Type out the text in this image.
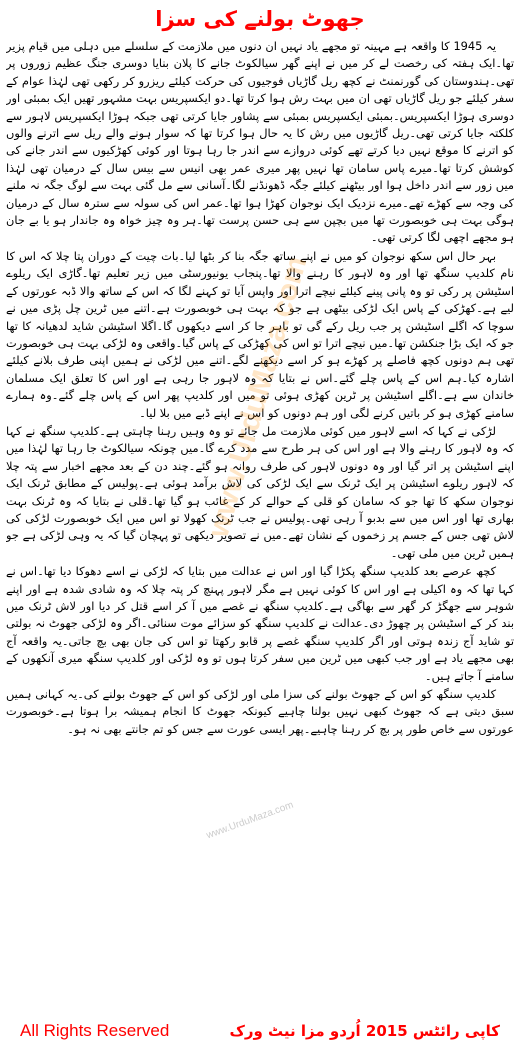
جھوٹ بولنے کی سزا

یہ 1945 کا واقعہ ہے مہینہ تو مجھے یاد نہیں ان دنوں میں ملازمت کے سلسلے میں دہلی میں قیام پزیر تھا۔ایک ہفتہ کی رخصت لے کر میں نے اپنے گھر سیالکوٹ جانے کا پلان بنایا دوسری جنگ عظیم زوروں پر تھی۔ہندوستان کی گورنمنٹ نے کچھ ریل گاڑیاں فوجیوں کی حرکت کیلئے ریزرو کر رکھی تھی لہٰذا عوام کے سفر کیلئے جو ریل گاڑیاں تھی ان میں بہت رش ہوا کرتا تھا۔دو ایکسپریس بہت مشہور تھیں ایک بمبئی اور دوسری ہوڑا ایکسپریس۔بمبئی ایکسپریس بمبئی سے پشاور جایا کرتی تھی جبکہ ہوڑا ایکسپریس لاہور سے کلکتہ جایا کرتی تھی۔ریل گاڑیوں میں رش کا یہ حال ہوا کرتا تھا کہ سوار ہونے والے ریل سے اترنے والوں کو اترنے کا موقع نہیں دیا کرتے تھے کوئی دروازے سے اندر جا رہا ہوتا اور کوئی کھڑکیوں سے اندر جانے کی کوشش کرتا تھا۔میرے پاس سامان تھا نہیں پھر میری عمر بھی انیس سے بیس سال کے درمیان تھی لہٰذا میں زور سے اندر داخل ہوا اور بیٹھنے کیلئے جگہ ڈھونڈنے لگا۔آسانی سے مل گئی بہت سے لوگ جگہ نہ ملنے کی وجہ سے کھڑے تھے۔میرے نزدیک ایک نوجوان کھڑا ہوا تھا۔عمر اس کی سولہ سے سترہ سال کے درمیان ہوگی بہت ہی خوبصورت تھا میں بچپن سے ہی حسن پرست تھا۔ہر وہ چیز خواہ وہ جاندار ہو یا بے جان ہو مجھے اچھی لگا کرتی تھی۔

بہر حال اس سکھ نوجوان کو میں نے اپنے ساتھ جگہ بنا کر بٹھا لیا۔بات چیت کے دوران پتا چلا کہ اس کا نام کلدیپ سنگھ تھا اور وہ لاہور کا رہنے والا تھا۔پنجاب یونیورسٹی میں زیر تعلیم تھا۔گاڑی ایک ریلوے اسٹیشن پر رکی تو وہ پانی پینے کیلئے نیچے اترا اور واپس آیا تو کہنے لگا کہ اس کے ساتھ والا ڈبہ عورتوں کے لیے ہے۔کھڑکی کے پاس ایک لڑکی بیٹھی ہے جو کہ بہت ہی خوبصورت ہے۔اتنے میں ٹرین چل پڑی میں نے سوچا کہ اگلے اسٹیشن پر جب ریل رکے گی تو باہر جا کر اسے دیکھوں گا۔اگلا اسٹیشن شاید لدھیانہ کا تھا جو کہ ایک بڑا جنکشن تھا۔میں نیچے اترا تو اس کی کھڑکی کے پاس گیا۔واقعی وہ لڑکی بہت ہی خوبصورت تھی ہم دونوں کچھ فاصلے پر کھڑے ہو کر اسے دیکھنے لگے۔اتنے میں لڑکی نے ہمیں اپنی طرف بلانے کیلئے اشارہ کیا۔ہم اس کے پاس چلے گئے۔اس نے بتایا کہ وہ لاہور جا رہی ہے اور اس کا تعلق ایک مسلمان خاندان سے ہے۔اگلے اسٹیشن پر ٹرین کھڑی ہوئی تو میں اور کلدیپ پھر اس کے پاس چلے گئے۔وہ ہمارے سامنے کھڑی ہو کر باتیں کرنے لگی اور ہم دونوں کو اس نے اپنے ڈبے میں بلا لیا۔

لڑکی نے کہا کہ اسے لاہور میں کوئی ملازمت مل جائے تو وہ وہیں رہنا چاہتی ہے۔کلدیپ سنگھ نے کہا کہ وہ لاہور کا رہنے والا ہے اور اس کی ہر طرح سے مدد کرے گا۔میں چونکہ سیالکوٹ جا رہا تھا لہٰذا میں اپنے اسٹیشن پر اتر گیا اور وہ دونوں لاہور کی طرف روانہ ہو گئے۔چند دن کے بعد مجھے اخبار سے پتہ چلا کہ لاہور ریلوے اسٹیشن پر ایک ٹرنک سے ایک لڑکی کی لاش برآمد ہوئی ہے۔پولیس کے مطابق ٹرنک ایک نوجوان سکھ کا تھا جو کہ سامان کو قلی کے حوالے کر کے غائب ہو گیا تھا۔قلی نے بتایا کہ وہ ٹرنک بہت بھاری تھا اور اس میں سے بدبو آ رہی تھی۔پولیس نے جب ٹرنک کھولا تو اس میں ایک خوبصورت لڑکی کی لاش تھی جس کے جسم پر زخموں کے نشان تھے۔میں نے تصویر دیکھی تو پہچان گیا کہ یہ وہی لڑکی ہے جو ہمیں ٹرین میں ملی تھی۔

کچھ عرصے بعد کلدیپ سنگھ پکڑا گیا اور اس نے عدالت میں بتایا کہ لڑکی نے اسے دھوکا دیا تھا۔اس نے کہا تھا کہ وہ اکیلی ہے اور اس کا کوئی نہیں ہے مگر لاہور پہنچ کر پتہ چلا کہ وہ شادی شدہ ہے اور اپنے شوہر سے جھگڑ کر گھر سے بھاگی ہے۔کلدیپ سنگھ نے غصے میں آ کر اسے قتل کر دیا اور لاش ٹرنک میں بند کر کے اسٹیشن پر چھوڑ دی۔عدالت نے کلدیپ سنگھ کو سزائے موت سنائی۔اگر وہ لڑکی جھوٹ نہ بولتی تو شاید آج زندہ ہوتی اور اگر کلدیپ سنگھ غصے پر قابو رکھتا تو اس کی جان بھی بچ جاتی۔یہ واقعہ آج بھی مجھے یاد ہے اور جب کبھی میں ٹرین میں سفر کرتا ہوں تو وہ لڑکی اور کلدیپ سنگھ میری آنکھوں کے سامنے آ جاتے ہیں۔

کلدیپ سنگھ کو اس کے جھوٹ بولنے کی سزا ملی اور لڑکی کو اس کے جھوٹ بولنے کی۔یہ کہانی ہمیں سبق دیتی ہے کہ جھوٹ کبھی نہیں بولنا چاہیے کیونکہ جھوٹ کا انجام ہمیشہ برا ہوتا ہے۔خوبصورت عورتوں سے خاص طور پر بچ کر رہنا چاہیے۔پھر ایسی عورت سے جس کو تم جانتے بھی نہ ہو۔

www.UrduMaza.com
www.UrduMaza.com
All Rights Reserved	کاپی رائٹس 2015 اُردو مزا نیٹ ورک
